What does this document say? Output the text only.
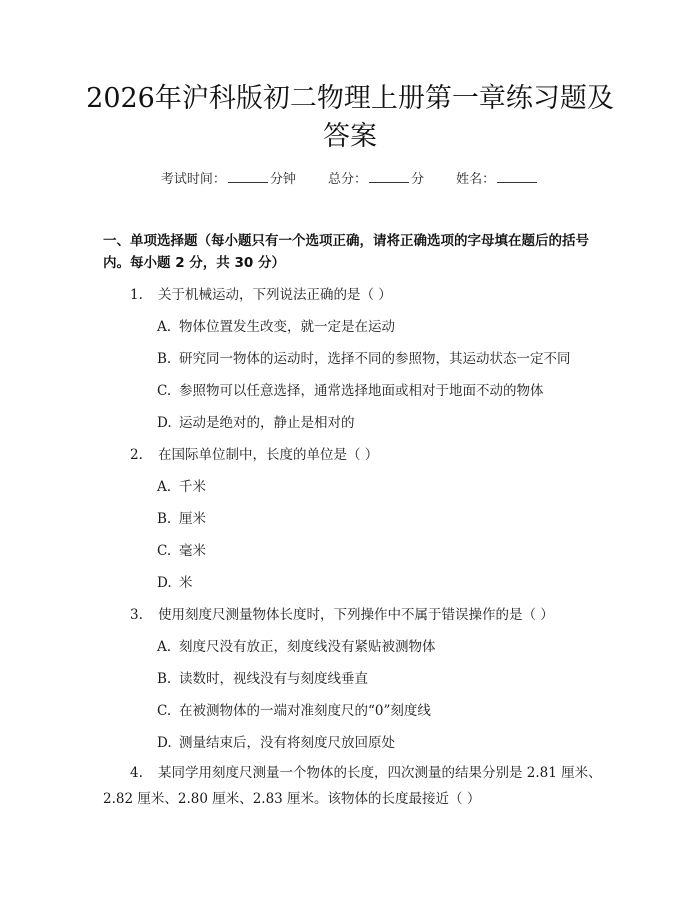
2026年沪科版初二物理上册第一章练习题及答案
考试时间：	分钟 总分：	分 姓名：
一、单项选择题（每小题只有一个选项正确，请将正确选项的字母填在题后的括号内。每小题 2 分，共 30 分）
1. 关于机械运动，下列说法正确的是（ ）
A. 物体位置发生改变，就一定是在运动
B. 研究同一物体的运动时，选择不同的参照物，其运动状态一定不同
C. 参照物可以任意选择，通常选择地面或相对于地面不动的物体
D. 运动是绝对的，静止是相对的
2. 在国际单位制中，长度的单位是（ ）
A. 千米
B. 厘米
C. 毫米
D. 米
3. 使用刻度尺测量物体长度时，下列操作中不属于错误操作的是（ ）
A. 刻度尺没有放正，刻度线没有紧贴被测物体
B. 读数时，视线没有与刻度线垂直
C. 在被测物体的一端对准刻度尺的“0”刻度线
D. 测量结束后，没有将刻度尺放回原处
4. 某同学用刻度尺测量一个物体的长度，四次测量的结果分别是 2.81 厘米、2.82 厘米、2.80 厘米、2.83 厘米。该物体的长度最接近（ ）
